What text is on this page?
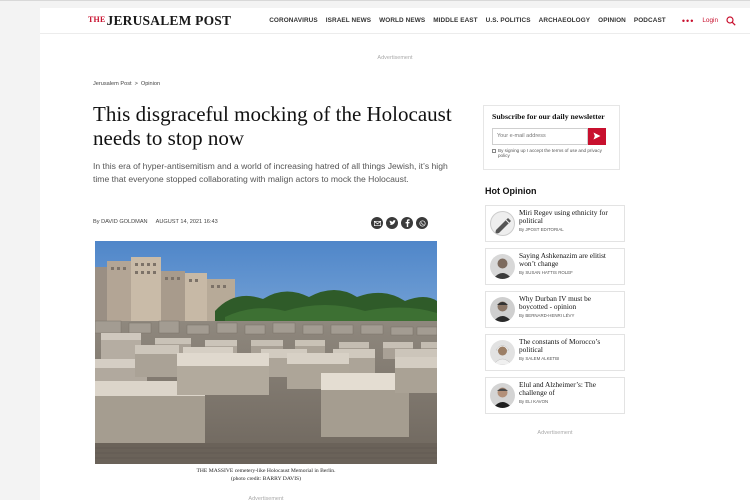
$^{THE}$JERUSALEM POST	CORONAVIRUS ISRAEL NEWS WORLD NEWS MIDDLE EAST U.S. POLITICS ARCHAEOLOGY OPINION PODCAST ••• Login
Advertisement
Jerusalem Post > Opinion
This disgraceful mocking of the Holocaust needs to stop now

In this era of hyper-antisemitism and a world of increasing hatred of all things Jewish, it’s high time that everyone stopped collaborating with malign actors to mock the Holocaust.

By DAVID GOLDMAN AUGUST 14, 2021 16:43
THE MASSIVE cemetery-like Holocaust Memorial in Berlin.
(photo credit: BARRY DAVIS)
Advertisement
Subscribe for our daily newsletter
Your e-mail address
By signing up I accept the terms of use and privacy policy
Hot Opinion
Miri Regev using ethnicity for political
By JPOST EDITORIAL
Saying Ashkenazim are elitist won’t change
By SUSAN HATTIS ROLEF
Why Durban IV must be boycotted - opinion
By BERNARD-HENRI LÉVY
The constants of Morocco’s political
By SALEM ALKETBI
Elul and Alzheimer’s: The challenge of
By ELI KAVON
Advertisement
